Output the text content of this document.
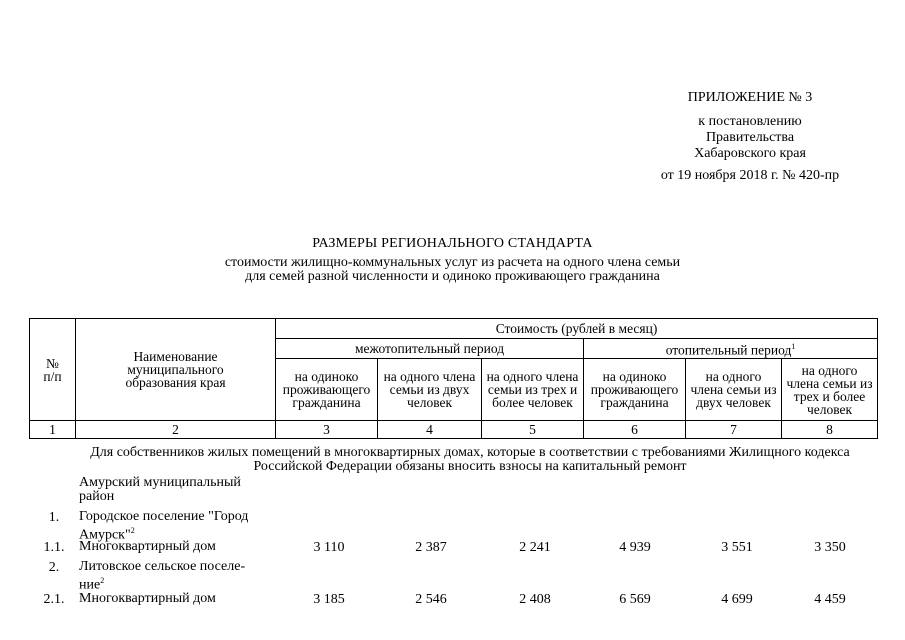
ПРИЛОЖЕНИЕ № 3
к постановлению
Правительства
Хабаровского края
от 19 ноября 2018 г. № 420-пр
РАЗМЕРЫ РЕГИОНАЛЬНОГО СТАНДАРТА
стоимости жилищно-коммунальных услуг из расчета на одного члена семьи
для семей разной численности и одиноко проживающего гражданина
№ п/п	Наименование муниципального образования края	Стоимость (рублей в месяц)					
		межотопительный период			отопительный период$^1$
		на одиноко проживающего гражданина	на одного члена семьи из двух человек	на одного члена семьи из трех и более человек	на одиноко проживающего гражданина	на одного члена семьи из двух человек	на одного члена семьи из трех и более человек
1	2	3	4	5	6	7	8
Для собственников жилых помещений в многоквартирных домах, которые в соответствии с требованиями Жилищного кодекса Российской Федерации обязаны вносить взносы на капитальный ремонт
Амурский муниципальный район
1.	Городское поселение "Город Амурск"$^2$
1.1.	Многоквартирный дом	3 110	2 387	2 241	4 939	3 551	3 350
2.	Литовское сельское поселе- ние$^2$
2.1.	Многоквартирный дом	3 185	2 546	2 408	6 569	4 699	4 459
